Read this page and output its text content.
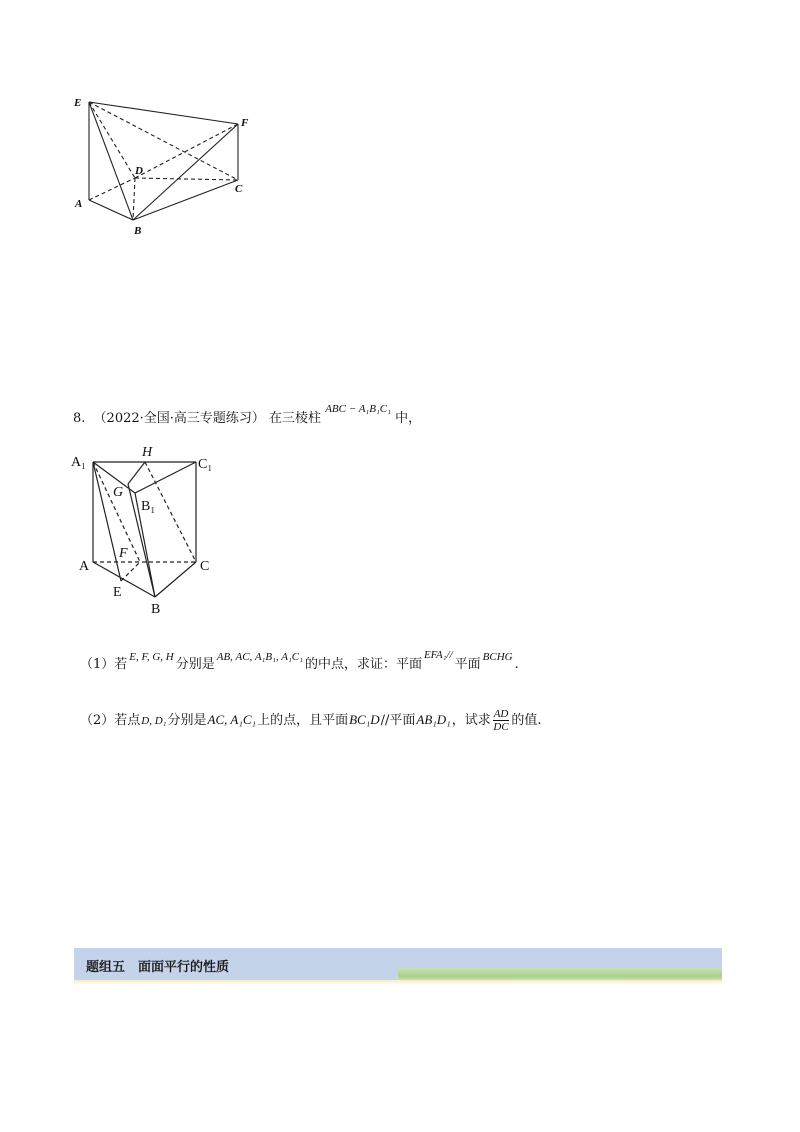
E
F
D
C
A
B
8. （2022·全国·高三专题练习） 在三棱柱 $^{ABC - A_1B_1C_1}$ 中，
A₁
H
C₁
G
B₁
F
A	C
E
B
（1）若 $^{E, F, G, H}$ 分别是 $^{AB, AC, A_1B_1, A_1C_1}$ 的中点，求证：平面$^{EFA_1//}$平面 $^{BCHG}$ .
（2）若点D, D₁分别是AC, A₁C₁上的点，且平面BC₁D//平面AB₁D₁，试求 $\frac{AD}{DC}$ 的值.
题组五　面面平行的性质
